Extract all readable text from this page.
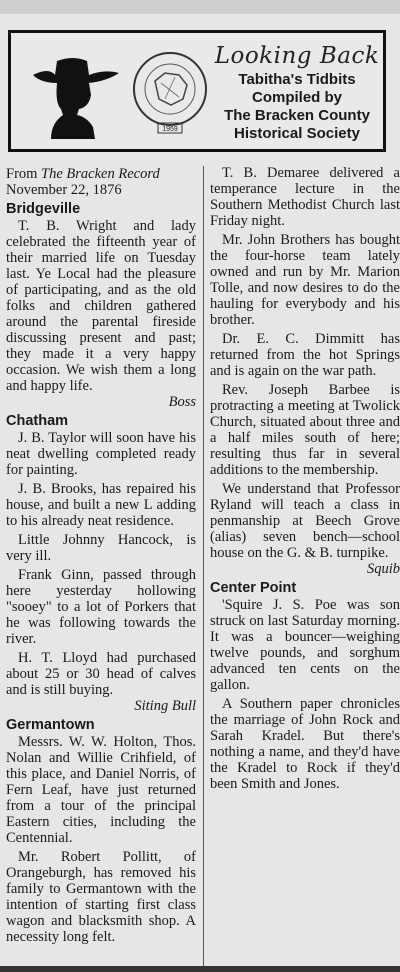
1959
Looking Back
Tabitha's Tidbits
Compiled by
The Bracken County
Historical Society
From The Bracken Record
November 22, 1876
Bridgeville

T. B. Wright and lady celebrated the fifteenth year of their married life on Tuesday last. Ye Local had the pleasure of participating, and as the old folks and children gathered around the parental fireside discussing present and past; they made it a very happy occasion. We wish them a long and happy life.

Boss
Chatham

J. B. Taylor will soon have his neat dwelling completed ready for painting.

J. B. Brooks, has repaired his house, and built a new L adding to his already neat residence.

Little Johnny Hancock, is very ill.

Frank Ginn, passed through here yesterday hollowing "sooey" to a lot of Porkers that he was following towards the river.

H. T. Lloyd had purchased about 25 or 30 head of calves and is still buying.

Siting Bull
Germantown

Messrs. W. W. Holton, Thos. Nolan and Willie Crihfield, of this place, and Daniel Norris, of Fern Leaf, have just returned from a tour of the principal Eastern cities, including the Centennial.

Mr. Robert Pollitt, of Orangeburgh, has removed his family to Germantown with the intention of starting first class wagon and blacksmith shop. A necessity long felt.

T. B. Demaree delivered a temperance lecture in the Southern Methodist Church last Friday night.

Mr. John Brothers has bought the four-horse team lately owned and run by Mr. Marion Tolle, and now desires to do the hauling for everybody and his brother.

Dr. E. C. Dimmitt has returned from the hot Springs and is again on the war path.

Rev. Joseph Barbee is protracting a meeting at Twolick Church, situated about three and a half miles south of here; resulting thus far in several additions to the membership.

We understand that Professor Ryland will teach a class in penmanship at Beech Grove (alias) seven bench—school house on the G. & B. turnpike.

Squib
Center Point

'Squire J. S. Poe was son struck on last Saturday morning. It was a bouncer—weighing twelve pounds, and sorghum advanced ten cents on the gallon.

A Southern paper chronicles the marriage of John Rock and Sarah Kradel. But there's nothing a name, and they'd have the Kradel to Rock if they'd been Smith and Jones.
